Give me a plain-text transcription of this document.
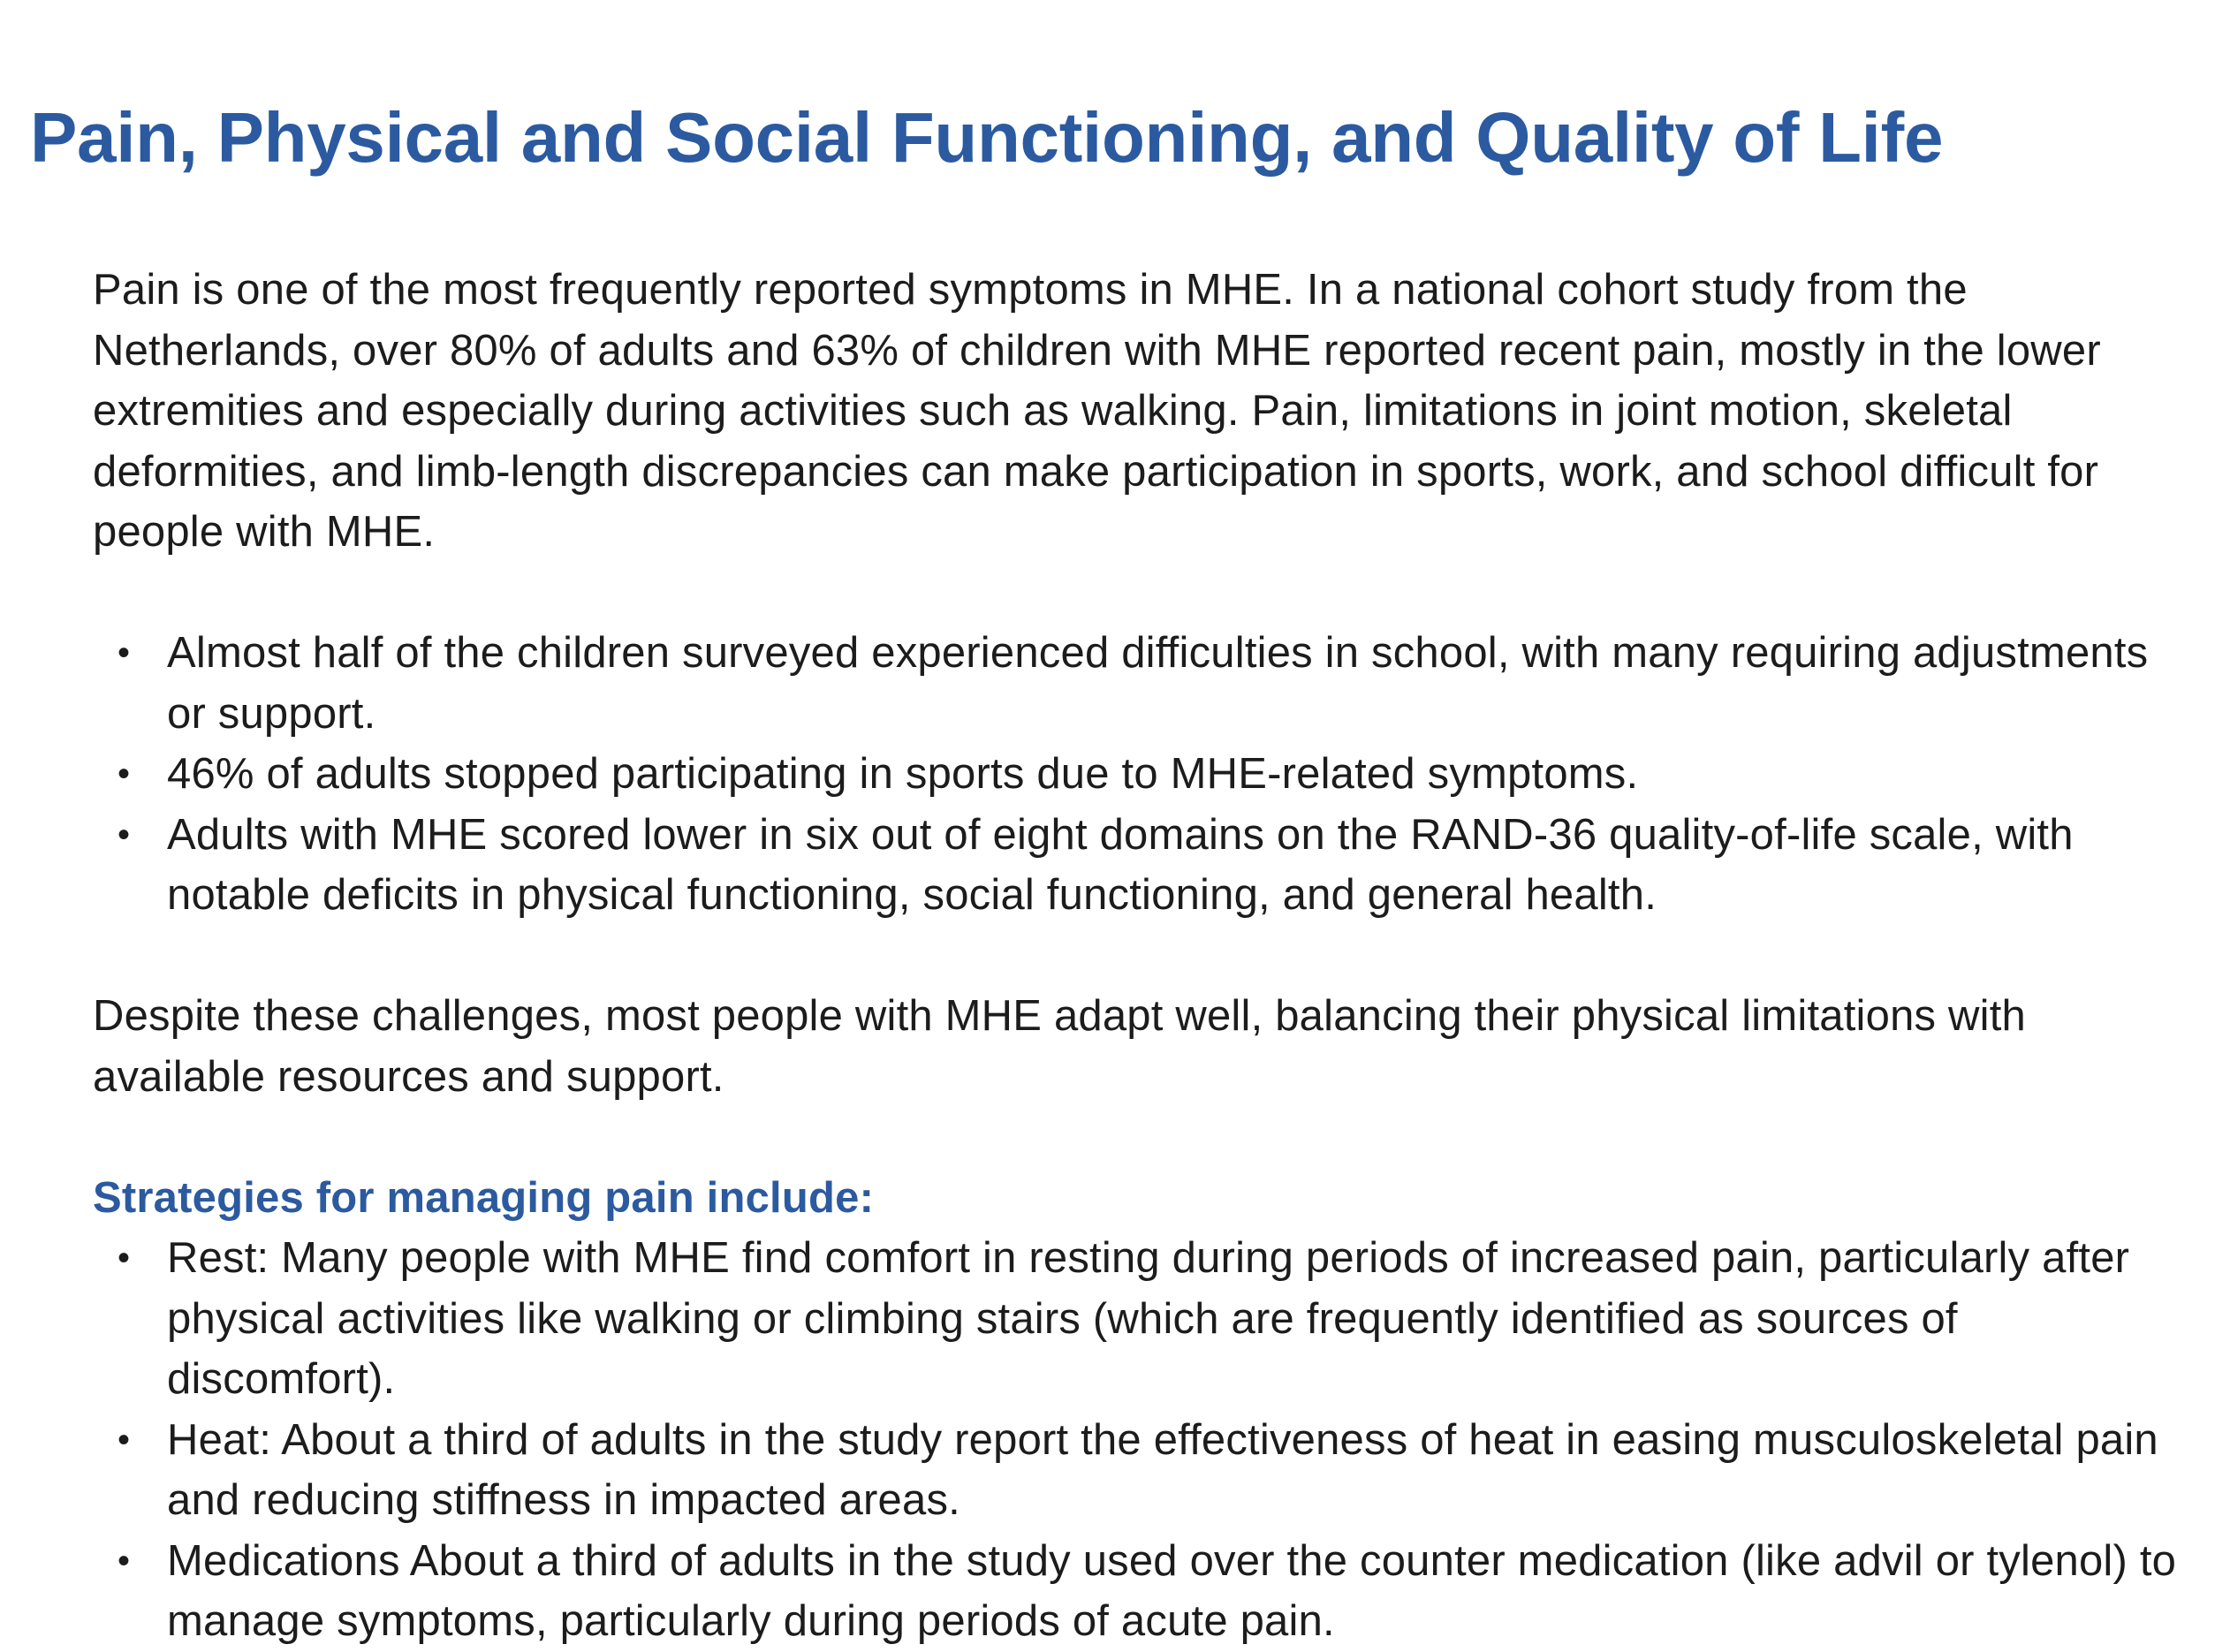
Pain, Physical and Social Functioning, and Quality of Life

Pain is one of the most frequently reported symptoms in MHE. In a national cohort study from the Netherlands, over 80% of adults and 63% of children with MHE reported recent pain, mostly in the lower extremities and especially during activities such as walking. Pain, limitations in joint motion, skeletal deformities, and limb-length discrepancies can make participation in sports, work, and school difficult for people with MHE.

• Almost half of the children surveyed experienced difficulties in school, with many requiring adjustments or support.
• 46% of adults stopped participating in sports due to MHE-related symptoms.
• Adults with MHE scored lower in six out of eight domains on the RAND-36 quality-of-life scale, with notable deficits in physical functioning, social functioning, and general health.

Despite these challenges, most people with MHE adapt well, balancing their physical limitations with available resources and support.

Strategies for managing pain include:
• Rest: Many people with MHE find comfort in resting during periods of increased pain, particularly after physical activities like walking or climbing stairs (which are frequently identified as sources of discomfort).
• Heat: About a third of adults in the study report the effectiveness of heat in easing musculoskeletal pain and reducing stiffness in impacted areas.
• Medications About a third of adults in the study used over the counter medication (like advil or tylenol) to manage symptoms, particularly during periods of acute pain.
